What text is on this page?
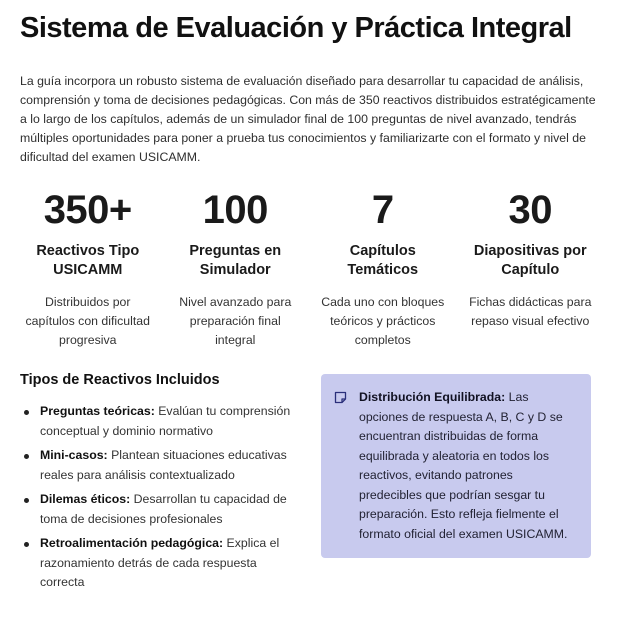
Sistema de Evaluación y Práctica Integral

La guía incorpora un robusto sistema de evaluación diseñado para desarrollar tu capacidad de análisis, comprensión y toma de decisiones pedagógicas. Con más de 350 reactivos distribuidos estratégicamente a lo largo de los capítulos, además de un simulador final de 100 preguntas de nivel avanzado, tendrás múltiples oportunidades para poner a prueba tus conocimientos y familiarizarte con el formato y nivel de dificultad del examen USICAMM.

350+
Reactivos Tipo USICAMM
Distribuidos por capítulos con dificultad progresiva
100
Preguntas en Simulador
Nivel avanzado para preparación final integral
7
Capítulos Temáticos
Cada uno con bloques teóricos y prácticos completos
30
Diapositivas por Capítulo
Fichas didácticas para repaso visual efectivo
Tipos de Reactivos Incluidos
Preguntas teóricas: Evalúan tu comprensión conceptual y dominio normativo
Mini-casos: Plantean situaciones educativas reales para análisis contextualizado
Dilemas éticos: Desarrollan tu capacidad de toma de decisiones profesionales
Retroalimentación pedagógica: Explica el razonamiento detrás de cada respuesta correcta
Distribución Equilibrada: Las opciones de respuesta A, B, C y D se encuentran distribuidas de forma equilibrada y aleatoria en todos los reactivos, evitando patrones predecibles que podrían sesgar tu preparación. Esto refleja fielmente el formato oficial del examen USICAMM.
